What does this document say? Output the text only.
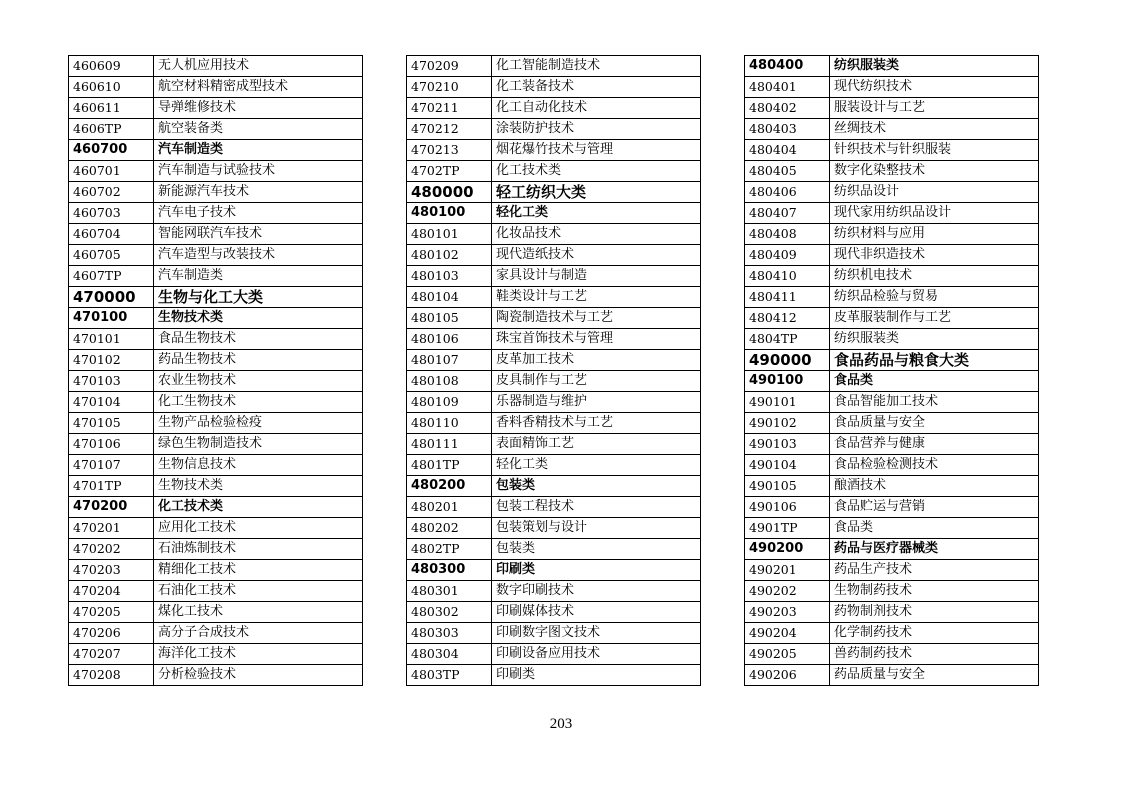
460609	无人机应用技术
460610	航空材料精密成型技术
460611	导弹维修技术
4606TP	航空装备类
460700	汽车制造类
460701	汽车制造与试验技术
460702	新能源汽车技术
460703	汽车电子技术
460704	智能网联汽车技术
460705	汽车造型与改装技术
4607TP	汽车制造类
470000	生物与化工大类
470100	生物技术类
470101	食品生物技术
470102	药品生物技术
470103	农业生物技术
470104	化工生物技术
470105	生物产品检验检疫
470106	绿色生物制造技术
470107	生物信息技术
4701TP	生物技术类
470200	化工技术类
470201	应用化工技术
470202	石油炼制技术
470203	精细化工技术
470204	石油化工技术
470205	煤化工技术
470206	高分子合成技术
470207	海洋化工技术
470208	分析检验技术
470209	化工智能制造技术
470210	化工装备技术
470211	化工自动化技术
470212	涂装防护技术
470213	烟花爆竹技术与管理
4702TP	化工技术类
480000	轻工纺织大类
480100	轻化工类
480101	化妆品技术
480102	现代造纸技术
480103	家具设计与制造
480104	鞋类设计与工艺
480105	陶瓷制造技术与工艺
480106	珠宝首饰技术与管理
480107	皮革加工技术
480108	皮具制作与工艺
480109	乐器制造与维护
480110	香料香精技术与工艺
480111	表面精饰工艺
4801TP	轻化工类
480200	包装类
480201	包装工程技术
480202	包装策划与设计
4802TP	包装类
480300	印刷类
480301	数字印刷技术
480302	印刷媒体技术
480303	印刷数字图文技术
480304	印刷设备应用技术
4803TP	印刷类
480400	纺织服装类
480401	现代纺织技术
480402	服装设计与工艺
480403	丝绸技术
480404	针织技术与针织服装
480405	数字化染整技术
480406	纺织品设计
480407	现代家用纺织品设计
480408	纺织材料与应用
480409	现代非织造技术
480410	纺织机电技术
480411	纺织品检验与贸易
480412	皮革服装制作与工艺
4804TP	纺织服装类
490000	食品药品与粮食大类
490100	食品类
490101	食品智能加工技术
490102	食品质量与安全
490103	食品营养与健康
490104	食品检验检测技术
490105	酿酒技术
490106	食品贮运与营销
4901TP	食品类
490200	药品与医疗器械类
490201	药品生产技术
490202	生物制药技术
490203	药物制剂技术
490204	化学制药技术
490205	兽药制药技术
490206	药品质量与安全
203
